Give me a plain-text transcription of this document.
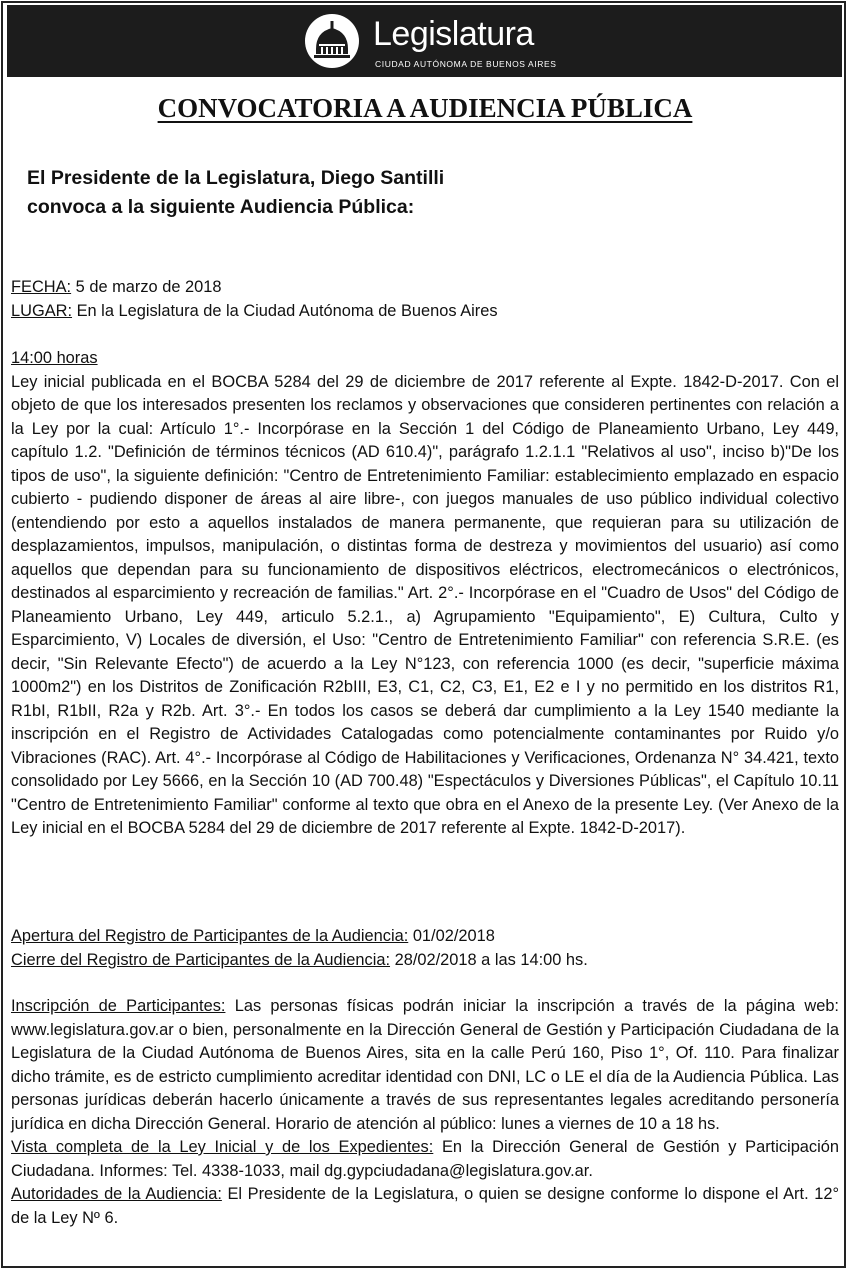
Legislatura
CIUDAD AUTÓNOMA DE BUENOS AIRES
CONVOCATORIA A AUDIENCIA PÚBLICA
El Presidente de la Legislatura, Diego Santilli
convoca a la siguiente Audiencia Pública:
FECHA: 5 de marzo de 2018
LUGAR: En la Legislatura de la Ciudad Autónoma de Buenos Aires
14:00 horas
Ley inicial publicada en el BOCBA 5284 del 29 de diciembre de 2017 referente al Expte. 1842-D-2017. Con el objeto de que los interesados presenten los reclamos y observaciones que consideren pertinentes con relación a la Ley por la cual: Artículo 1°.- Incorpórase en la Sección 1 del Código de Planeamiento Urbano, Ley 449, capítulo 1.2. "Definición de términos técnicos (AD 610.4)", parágrafo 1.2.1.1 "Relativos al uso", inciso b)"De los tipos de uso", la siguiente definición: "Centro de Entretenimiento Familiar: establecimiento emplazado en espacio cubierto - pudiendo disponer de áreas al aire libre-, con juegos manuales de uso público individual colectivo (entendiendo por esto a aquellos instalados de manera permanente, que requieran para su utilización de desplazamientos, impulsos, manipulación, o distintas forma de destreza y movimientos del usuario) así como aquellos que dependan para su funcionamiento de dispositivos eléctricos, electromecánicos o electrónicos, destinados al esparcimiento y recreación de familias." Art. 2°.- Incorpórase en el "Cuadro de Usos" del Código de Planeamiento Urbano, Ley 449, articulo 5.2.1., a) Agrupamiento "Equipamiento", E) Cultura, Culto y Esparcimiento, V) Locales de diversión, el Uso: "Centro de Entretenimiento Familiar" con referencia S.R.E. (es decir, "Sin Relevante Efecto") de acuerdo a la Ley N°123, con referencia 1000 (es decir, "superficie máxima 1000m2") en los Distritos de Zonificación R2bIII, E3, C1, C2, C3, E1, E2 e I y no permitido en los distritos R1, R1bI, R1bII, R2a y R2b. Art. 3°.- En todos los casos se deberá dar cumplimiento a la Ley 1540 mediante la inscripción en el Registro de Actividades Catalogadas como potencialmente contaminantes por Ruido y/o Vibraciones (RAC). Art. 4°.- Incorpórase al Código de Habilitaciones y Verificaciones, Ordenanza N° 34.421, texto consolidado por Ley 5666, en la Sección 10 (AD 700.48) "Espectáculos y Diversiones Públicas", el Capítulo 10.11 "Centro de Entretenimiento Familiar" conforme al texto que obra en el Anexo de la presente Ley. (Ver Anexo de la Ley inicial en el BOCBA 5284 del 29 de diciembre de 2017 referente al Expte. 1842-D-2017).
Apertura del Registro de Participantes de la Audiencia: 01/02/2018
Cierre del Registro de Participantes de la Audiencia: 28/02/2018 a las 14:00 hs.
Inscripción de Participantes: Las personas físicas podrán iniciar la inscripción a través de la página web: www.legislatura.gov.ar o bien, personalmente en la Dirección General de Gestión y Participación Ciudadana de la Legislatura de la Ciudad Autónoma de Buenos Aires, sita en la calle Perú 160, Piso 1°, Of. 110. Para finalizar dicho trámite, es de estricto cumplimiento acreditar identidad con DNI, LC o LE el día de la Audiencia Pública. Las personas jurídicas deberán hacerlo únicamente a través de sus representantes legales acreditando personería jurídica en dicha Dirección General. Horario de atención al público: lunes a viernes de 10 a 18 hs.
Vista completa de la Ley Inicial y de los Expedientes: En la Dirección General de Gestión y Participación Ciudadana. Informes: Tel. 4338-1033, mail dg.gypciudadana@legislatura.gov.ar.
Autoridades de la Audiencia: El Presidente de la Legislatura, o quien se designe conforme lo dispone el Art. 12° de la Ley Nº 6.
